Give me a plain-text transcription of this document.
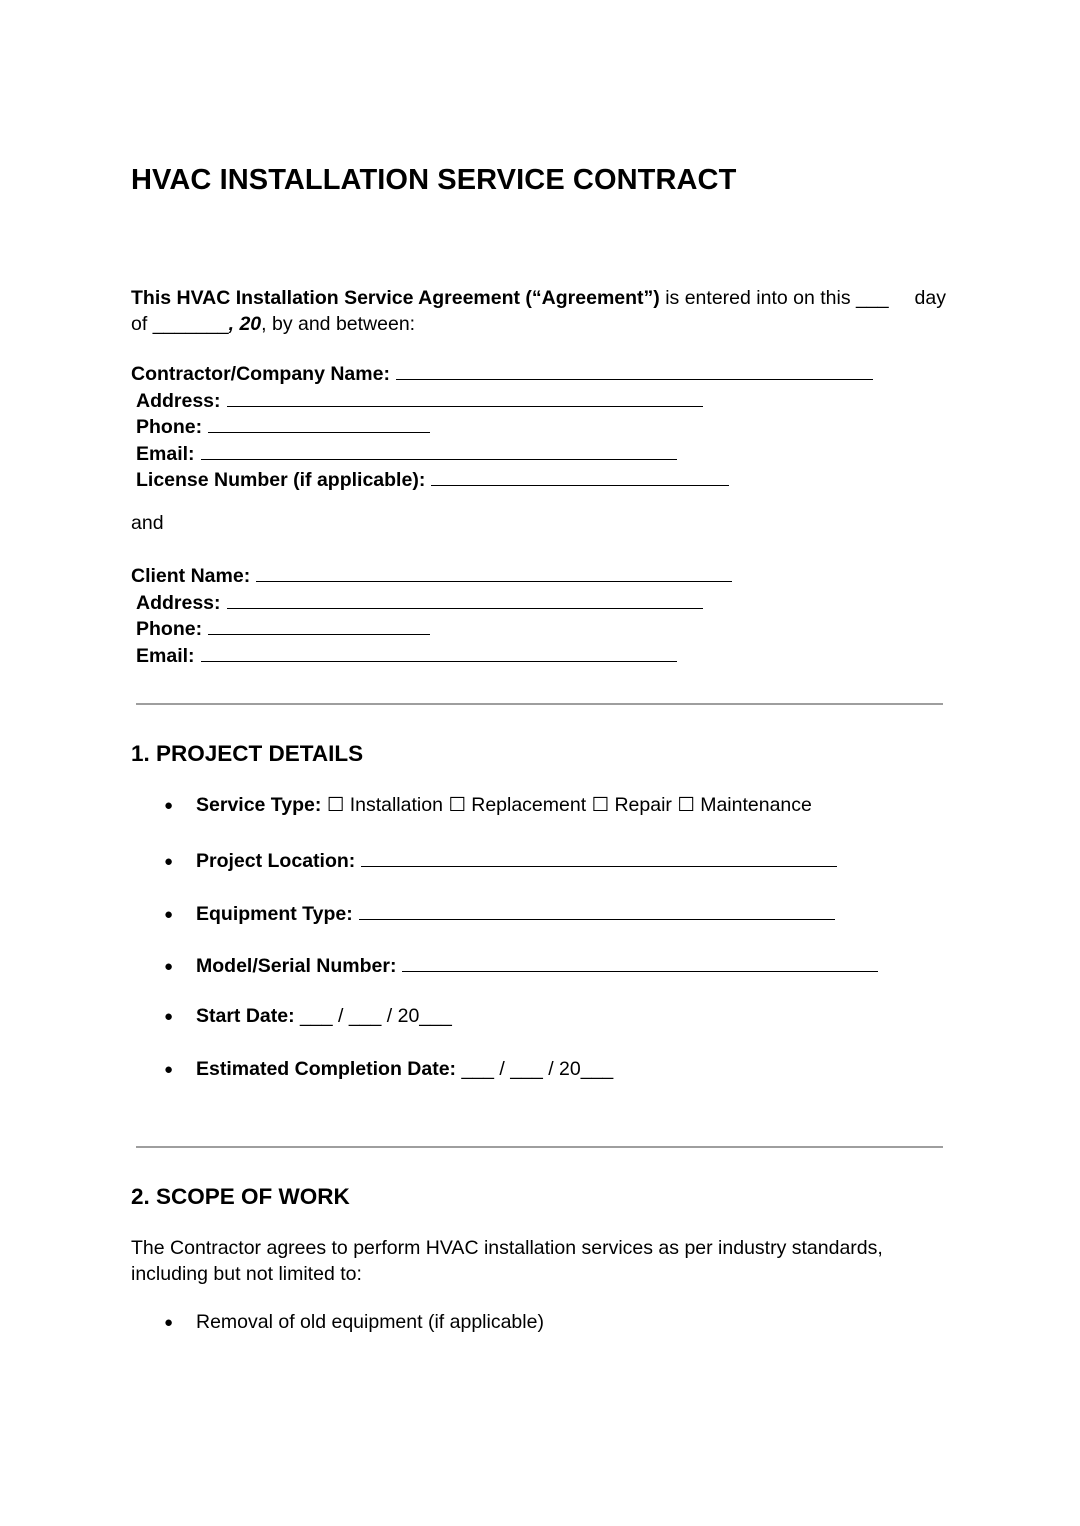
HVAC INSTALLATION SERVICE CONTRACT
This HVAC Installation Service Agreement (“Agreement”) is entered into on this ___ day
of _______, 20, by and between:
Contractor/Company Name:
Address:
Phone:
Email:
License Number (if applicable):
and
Client Name:
Address:
Phone:
Email:
1. PROJECT DETAILS
● Service Type: ☐ Installation ☐ Replacement ☐ Repair ☐ Maintenance
● Project Location:
● Equipment Type:
● Model/Serial Number:
● Start Date: ___ / ___ / 20___
● Estimated Completion Date: ___ / ___ / 20___
2. SCOPE OF WORK
The Contractor agrees to perform HVAC installation services as per industry standards,
including but not limited to:
● Removal of old equipment (if applicable)
